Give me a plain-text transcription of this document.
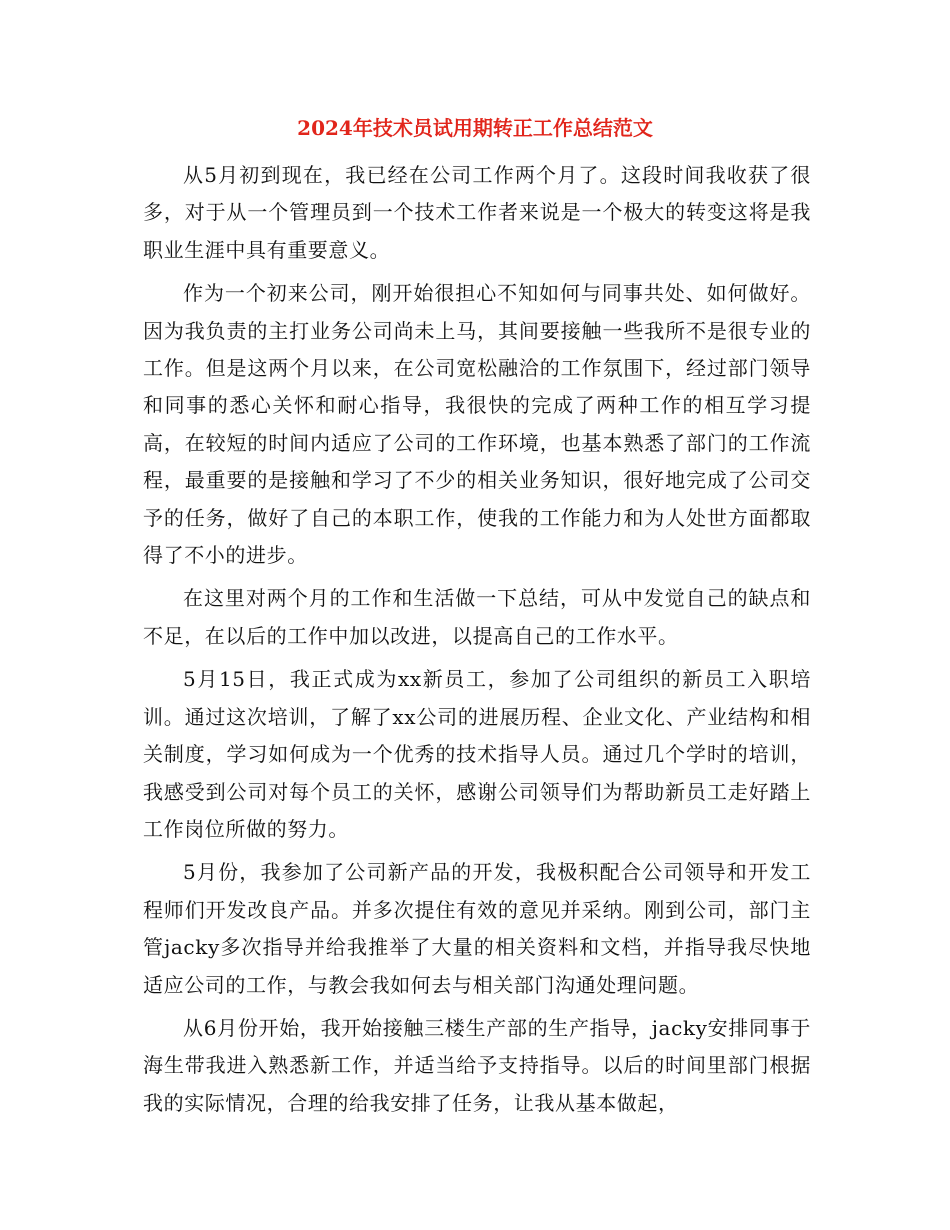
2024年技术员试用期转正工作总结范文

从5月初到现在，我已经在公司工作两个月了。这段时间我收获了很多，对于从一个管理员到一个技术工作者来说是一个极大的转变这将是我职业生涯中具有重要意义。

作为一个初来公司，刚开始很担心不知如何与同事共处、如何做好。因为我负责的主打业务公司尚未上马，其间要接触一些我所不是很专业的工作。但是这两个月以来，在公司宽松融洽的工作氛围下，经过部门领导和同事的悉心关怀和耐心指导，我很快的完成了两种工作的相互学习提高，在较短的时间内适应了公司的工作环境，也基本熟悉了部门的工作流程，最重要的是接触和学习了不少的相关业务知识，很好地完成了公司交予的任务，做好了自己的本职工作，使我的工作能力和为人处世方面都取得了不小的进步。

在这里对两个月的工作和生活做一下总结，可从中发觉自己的缺点和不足，在以后的工作中加以改进，以提高自己的工作水平。

5月15日，我正式成为xx新员工，参加了公司组织的新员工入职培训。通过这次培训，了解了xx公司的进展历程、企业文化、产业结构和相关制度，学习如何成为一个优秀的技术指导人员。通过几个学时的培训，我感受到公司对每个员工的关怀，感谢公司领导们为帮助新员工走好踏上工作岗位所做的努力。

5月份，我参加了公司新产品的开发，我极积配合公司领导和开发工程师们开发改良产品。并多次提住有效的意见并采纳。刚到公司，部门主管jacky多次指导并给我推举了大量的相关资料和文档，并指导我尽快地适应公司的工作，与教会我如何去与相关部门沟通处理问题。

从6月份开始，我开始接触三楼生产部的生产指导，jacky安排同事于海生带我进入熟悉新工作，并适当给予支持指导。以后的时间里部门根据我的实际情况，合理的给我安排了任务，让我从基本做起，
